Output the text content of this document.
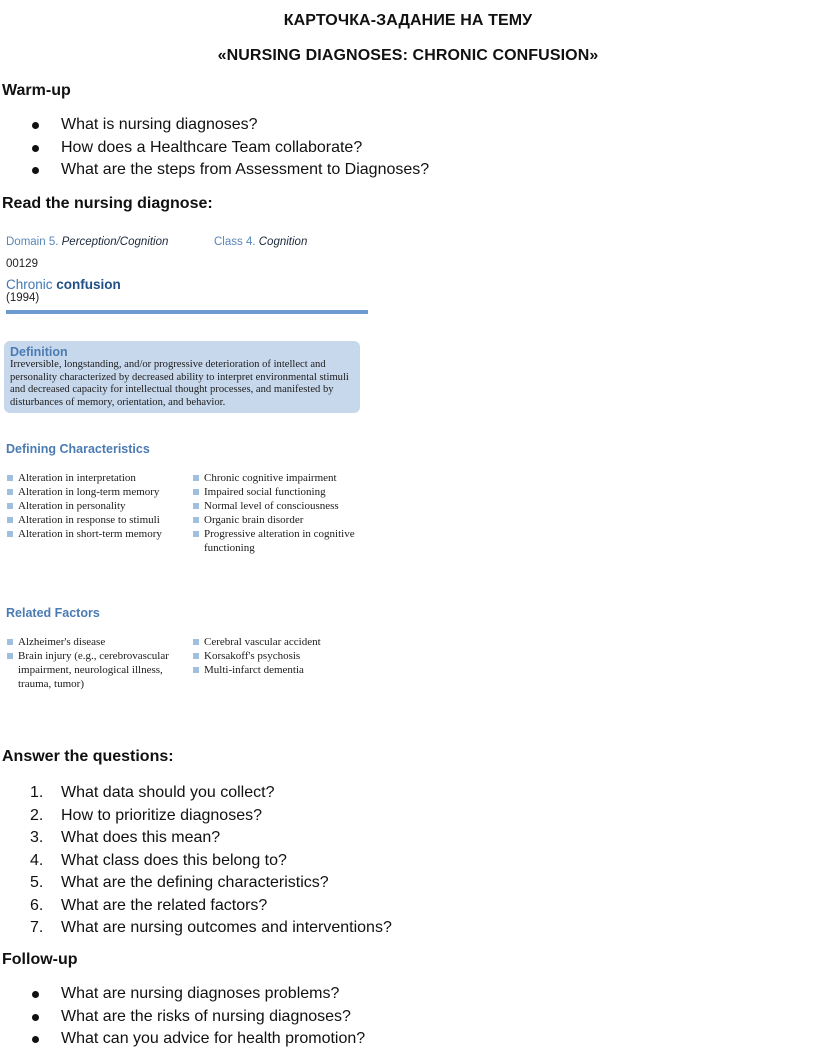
КАРТОЧКА-ЗАДАНИЕ НА ТЕМУ
«NURSING DIAGNOSES: CHRONIC CONFUSION»
Warm-up
What is nursing diagnoses?
How does a Healthcare Team collaborate?
What are the steps from Assessment to Diagnoses?
Read the nursing diagnose:
Domain 5. Perception/Cognition	Class 4. Cognition
00129
Chronic confusion
(1994)
Definition
Irreversible, longstanding, and/or progressive deterioration of intellect and personality characterized by decreased ability to interpret environmental stimuli and decreased capacity for intellectual thought processes, and manifested by disturbances of memory, orientation, and behavior.
Defining Characteristics
Alteration in interpretation
Alteration in long-term memory
Alteration in personality
Alteration in response to stimuli
Alteration in short-term memory
Chronic cognitive impairment
Impaired social functioning
Normal level of consciousness
Organic brain disorder
Progressive alteration in cognitive functioning
Related Factors
Alzheimer's disease
Brain injury (e.g., cerebrovascular impairment, neurological illness, trauma, tumor)
Cerebral vascular accident
Korsakoff's psychosis
Multi-infarct dementia
Answer the questions:
1.	What data should you collect?
2.	How to prioritize diagnoses?
3.	What does this mean?
4.	What class does this belong to?
5.	What are the defining characteristics?
6.	What are the related factors?
7.	What are nursing outcomes and interventions?
Follow-up
What are nursing diagnoses problems?
What are the risks of nursing diagnoses?
What can you advice for health promotion?
